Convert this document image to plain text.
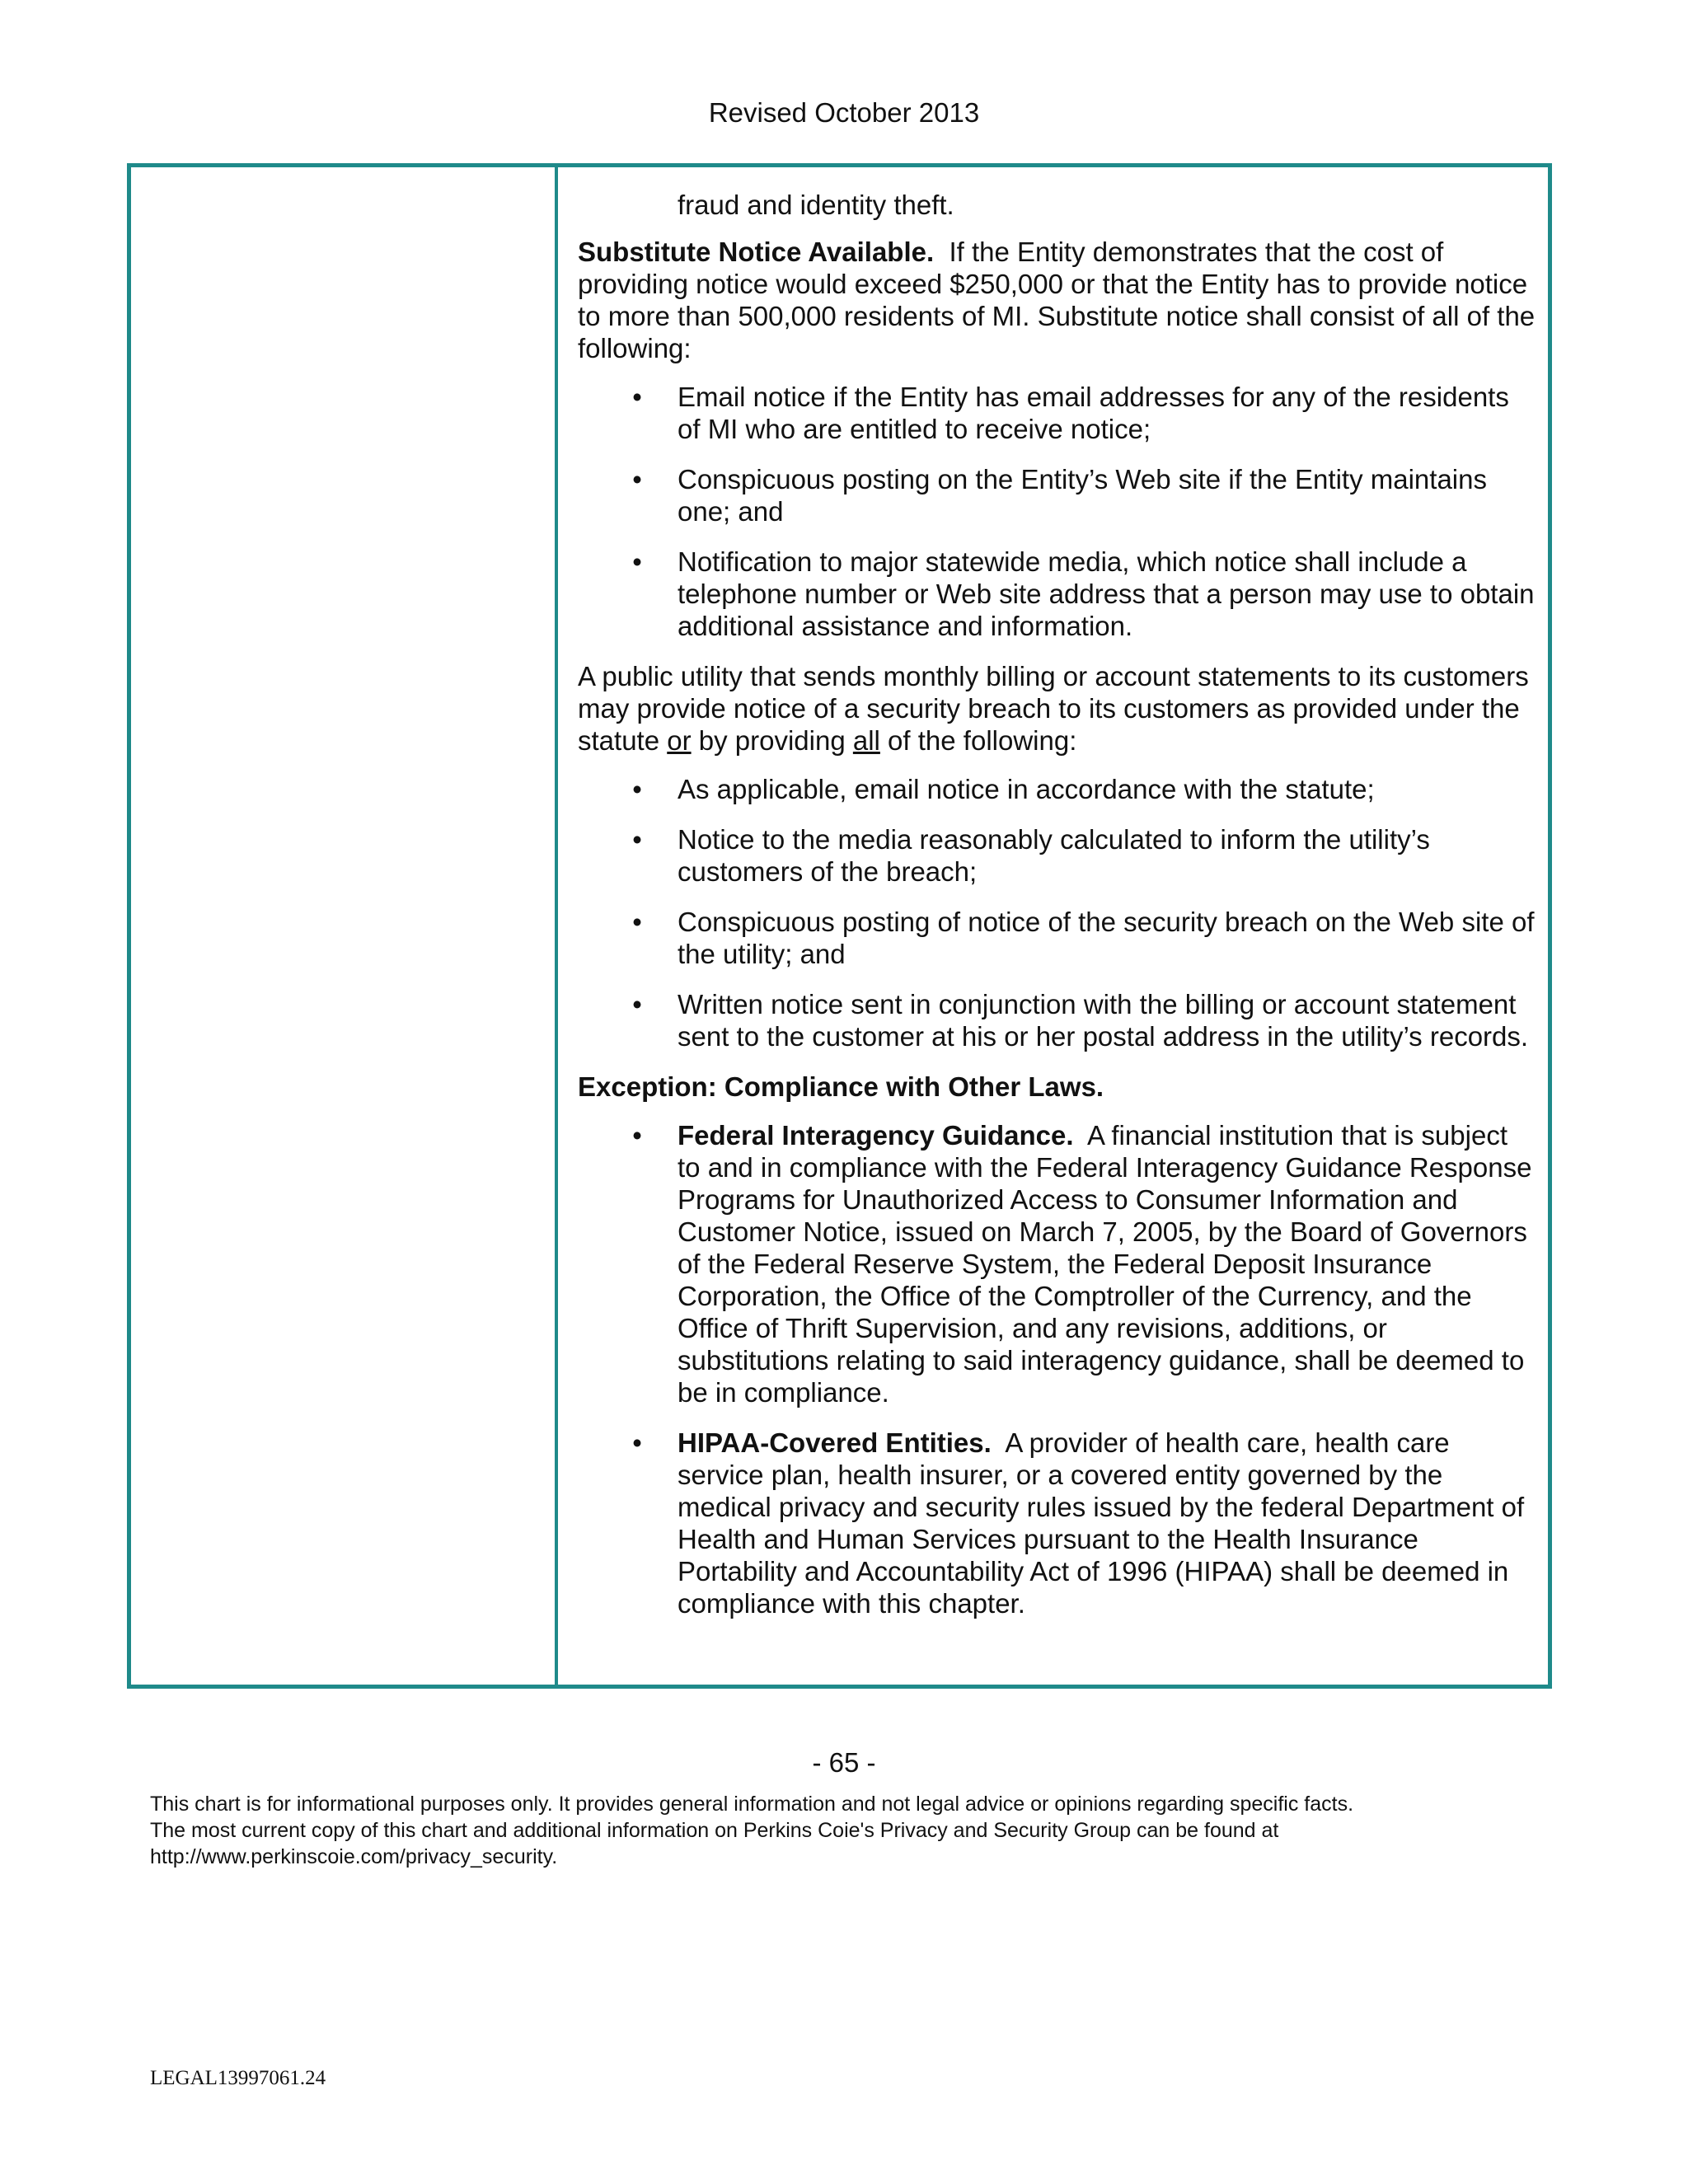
Revised October 2013

fraud and identity theft.

Substitute Notice Available. If the Entity demonstrates that the cost of providing notice would exceed $250,000 or that the Entity has to provide notice to more than 500,000 residents of MI. Substitute notice shall consist of all of the following:

• Email notice if the Entity has email addresses for any of the residents of MI who are entitled to receive notice;
• Conspicuous posting on the Entity’s Web site if the Entity maintains one; and
• Notification to major statewide media, which notice shall include a telephone number or Web site address that a person may use to obtain additional assistance and information.

A public utility that sends monthly billing or account statements to its customers may provide notice of a security breach to its customers as provided under the statute or by providing all of the following:

• As applicable, email notice in accordance with the statute;
• Notice to the media reasonably calculated to inform the utility’s customers of the breach;
• Conspicuous posting of notice of the security breach on the Web site of the utility; and
• Written notice sent in conjunction with the billing or account statement sent to the customer at his or her postal address in the utility’s records.

Exception: Compliance with Other Laws.

• Federal Interagency Guidance. A financial institution that is subject to and in compliance with the Federal Interagency Guidance Response Programs for Unauthorized Access to Consumer Information and Customer Notice, issued on March 7, 2005, by the Board of Governors of the Federal Reserve System, the Federal Deposit Insurance Corporation, the Office of the Comptroller of the Currency, and the Office of Thrift Supervision, and any revisions, additions, or substitutions relating to said interagency guidance, shall be deemed to be in compliance.
• HIPAA-Covered Entities. A provider of health care, health care service plan, health insurer, or a covered entity governed by the medical privacy and security rules issued by the federal Department of Health and Human Services pursuant to the Health Insurance Portability and Accountability Act of 1996 (HIPAA) shall be deemed in compliance with this chapter.
- 65 -
This chart is for informational purposes only. It provides general information and not legal advice or opinions regarding specific facts.
The most current copy of this chart and additional information on Perkins Coie's Privacy and Security Group can be found at
http://www.perkinscoie.com/privacy_security.
LEGAL13997061.24
